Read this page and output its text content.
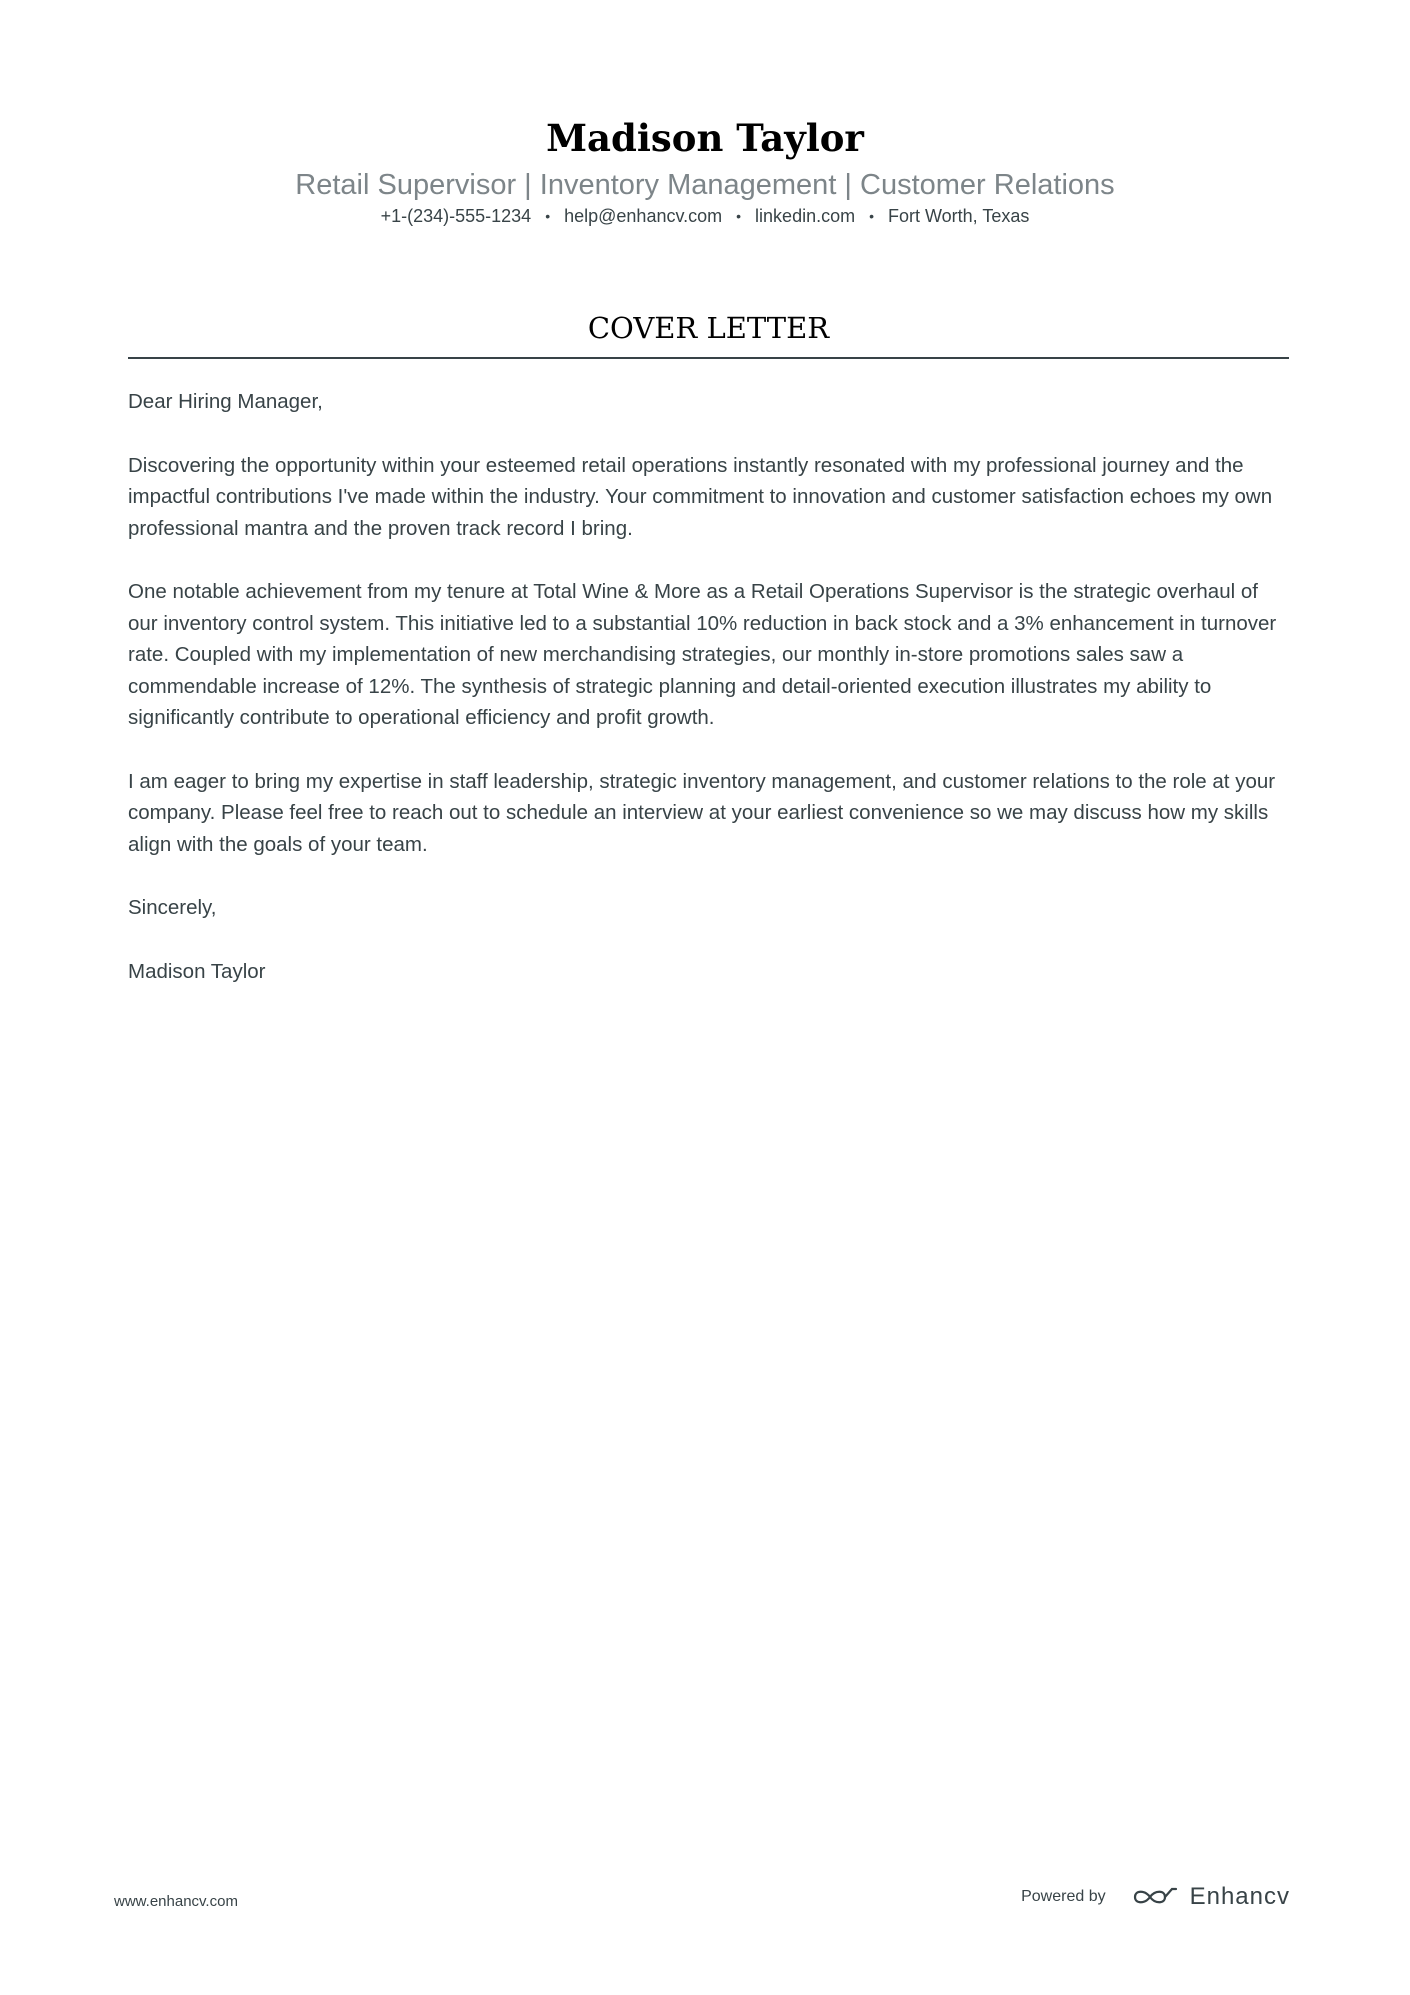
Madison Taylor
Retail Supervisor | Inventory Management | Customer Relations
+1-(234)-555-1234 • help@enhancv.com • linkedin.com • Fort Worth, Texas
COVER LETTER

Dear Hiring Manager,

Discovering the opportunity within your esteemed retail operations instantly resonated with my professional journey and the impactful contributions I've made within the industry. Your commitment to innovation and customer satisfaction echoes my own professional mantra and the proven track record I bring.

One notable achievement from my tenure at Total Wine & More as a Retail Operations Supervisor is the strategic overhaul of our inventory control system. This initiative led to a substantial 10% reduction in back stock and a 3% enhancement in turnover rate. Coupled with my implementation of new merchandising strategies, our monthly in-store promotions sales saw a commendable increase of 12%. The synthesis of strategic planning and detail-oriented execution illustrates my ability to significantly contribute to operational efficiency and profit growth.

I am eager to bring my expertise in staff leadership, strategic inventory management, and customer relations to the role at your company. Please feel free to reach out to schedule an interview at your earliest convenience so we may discuss how my skills align with the goals of your team.

Sincerely,

Madison Taylor

www.enhancv.com	Powered by	Enhancv
